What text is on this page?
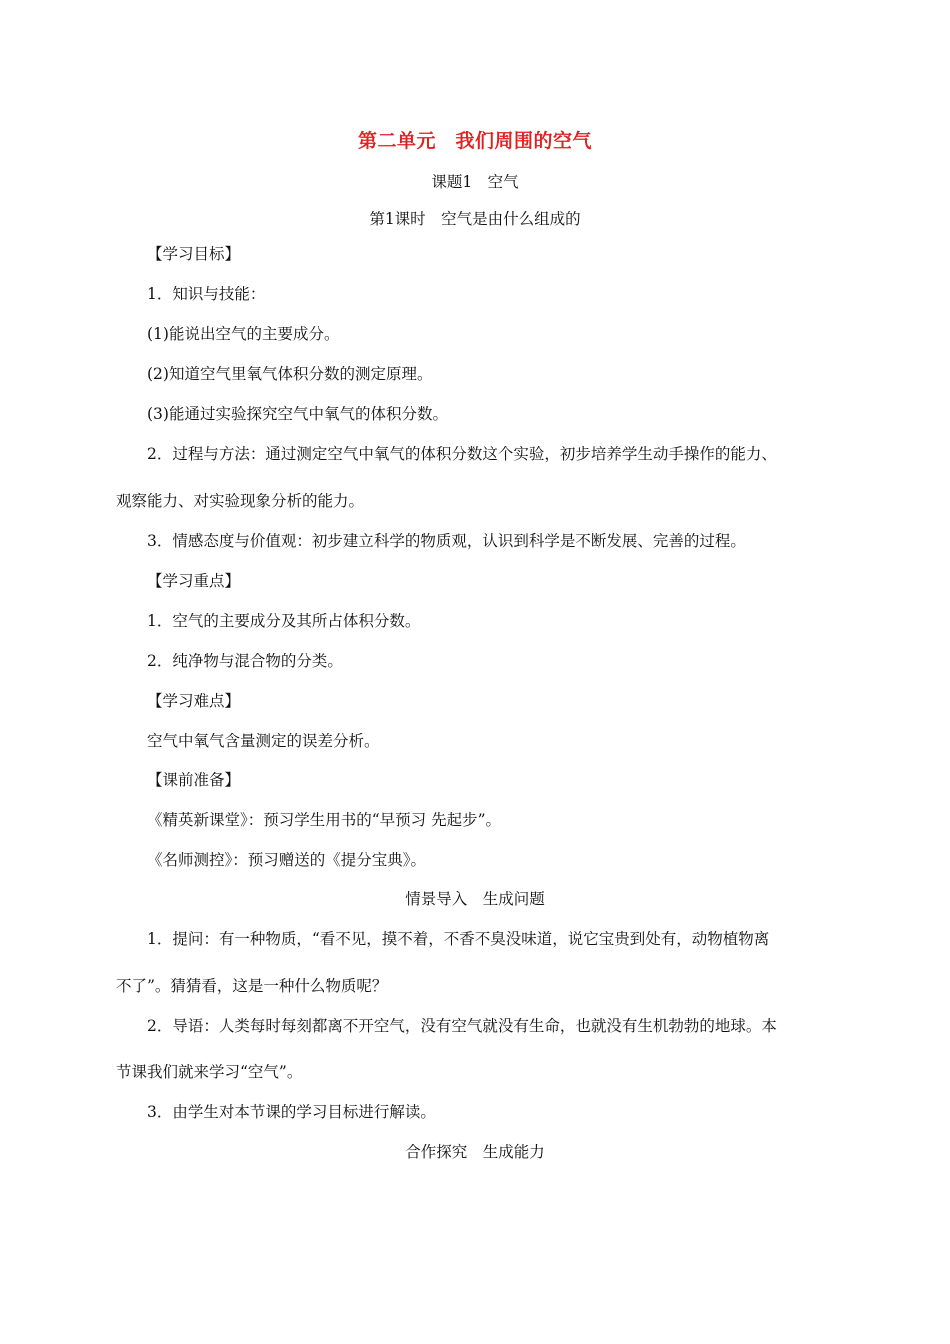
第二单元　我们周围的空气
课题1　空气
第1课时　空气是由什么组成的
【学习目标】
1．知识与技能：
(1)能说出空气的主要成分。
(2)知道空气里氧气体积分数的测定原理。
(3)能通过实验探究空气中氧气的体积分数。
2．过程与方法：通过测定空气中氧气的体积分数这个实验，初步培养学生动手操作的能力、
观察能力、对实验现象分析的能力。
3．情感态度与价值观：初步建立科学的物质观，认识到科学是不断发展、完善的过程。
【学习重点】
1．空气的主要成分及其所占体积分数。
2．纯净物与混合物的分类。
【学习难点】
空气中氧气含量测定的误差分析。
【课前准备】
《精英新课堂》：预习学生用书的“早预习 先起步”。
《名师测控》：预习赠送的《提分宝典》。
情景导入　生成问题
1．提问：有一种物质，“看不见，摸不着，不香不臭没味道，说它宝贵到处有，动物植物离
不了”。猜猜看，这是一种什么物质呢？
2．导语：人类每时每刻都离不开空气，没有空气就没有生命，也就没有生机勃勃的地球。本
节课我们就来学习“空气”。
3．由学生对本节课的学习目标进行解读。
合作探究　生成能力
